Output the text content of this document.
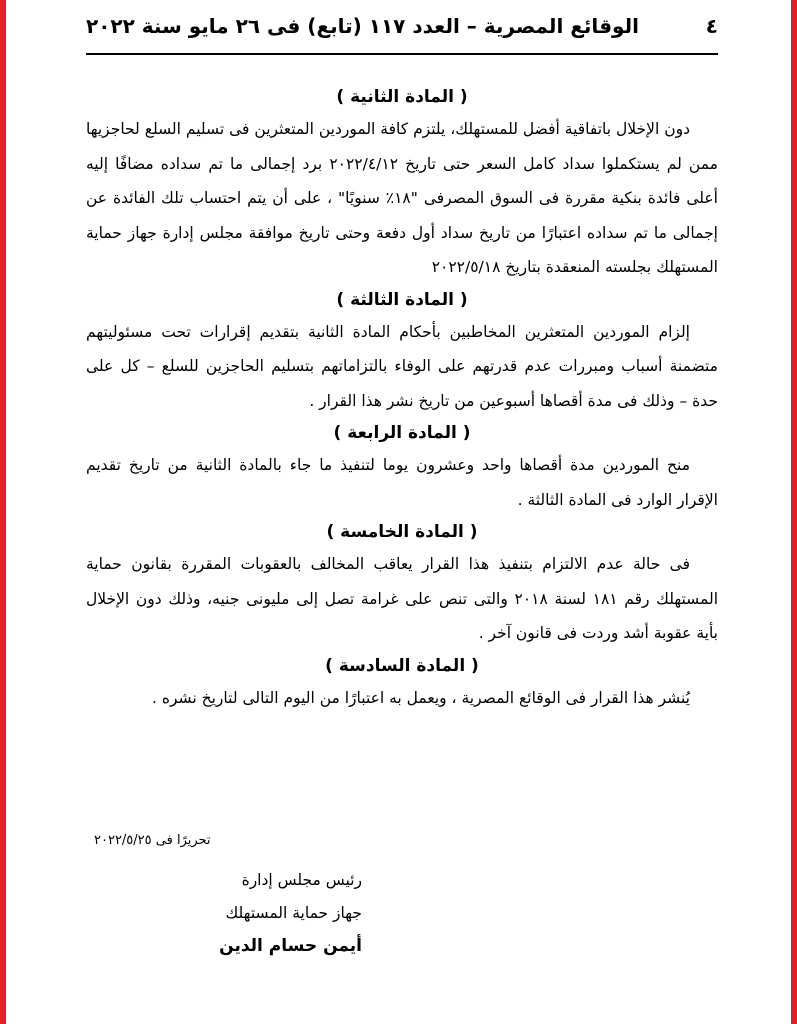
٤
الوقائع المصرية – العدد ١١٧ (تابع) فى ٢٦ مايو سنة ٢٠٢٢
( المادة الثانية )

دون الإخلال باتفاقية أفضل للمستهلك، يلتزم كافة الموردين المتعثرين فى تسليم السلع لحاجزيها ممن لم يستكملوا سداد كامل السعر حتى تاريخ ٢٠٢٢/٤/١٢ برد إجمالى ما تم سداده مضافًا إليه أعلى فائدة بنكية مقررة فى السوق المصرفى "١٨٪ سنويًا" ، على أن يتم احتساب تلك الفائدة عن إجمالى ما تم سداده اعتبارًا من تاريخ سداد أول دفعة وحتى تاريخ موافقة مجلس إدارة جهاز حماية المستهلك بجلسته المنعقدة بتاريخ ٢٠٢٢/٥/١٨

( المادة الثالثة )

إلزام الموردين المتعثرين المخاطبين بأحكام المادة الثانية بتقديم إقرارات تحت مسئوليتهم متضمنة أسباب ومبررات عدم قدرتهم على الوفاء بالتزاماتهم بتسليم الحاجزين للسلع – كل على حدة – وذلك فى مدة أقصاها أسبوعين من تاريخ نشر هذا القرار .

( المادة الرابعة )

منح الموردين مدة أقصاها واحد وعشرون يوما لتنفيذ ما جاء بالمادة الثانية من تاريخ تقديم الإقرار الوارد فى المادة الثالثة .

( المادة الخامسة )

فى حالة عدم الالتزام بتنفيذ هذا القرار يعاقب المخالف بالعقوبات المقررة بقانون حماية المستهلك رقم ١٨١ لسنة ٢٠١٨ والتى تنص على غرامة تصل إلى مليونى جنيه، وذلك دون الإخلال بأية عقوبة أشد وردت فى قانون آخر .

( المادة السادسة )

يُنشر هذا القرار فى الوقائع المصرية ، ويعمل به اعتبارًا من اليوم التالى لتاريخ نشره .

تحريرًا فى ٢٠٢٢/٥/٢٥
رئيس مجلس إدارة
جهاز حماية المستهلك
أيمن حسام الدين
